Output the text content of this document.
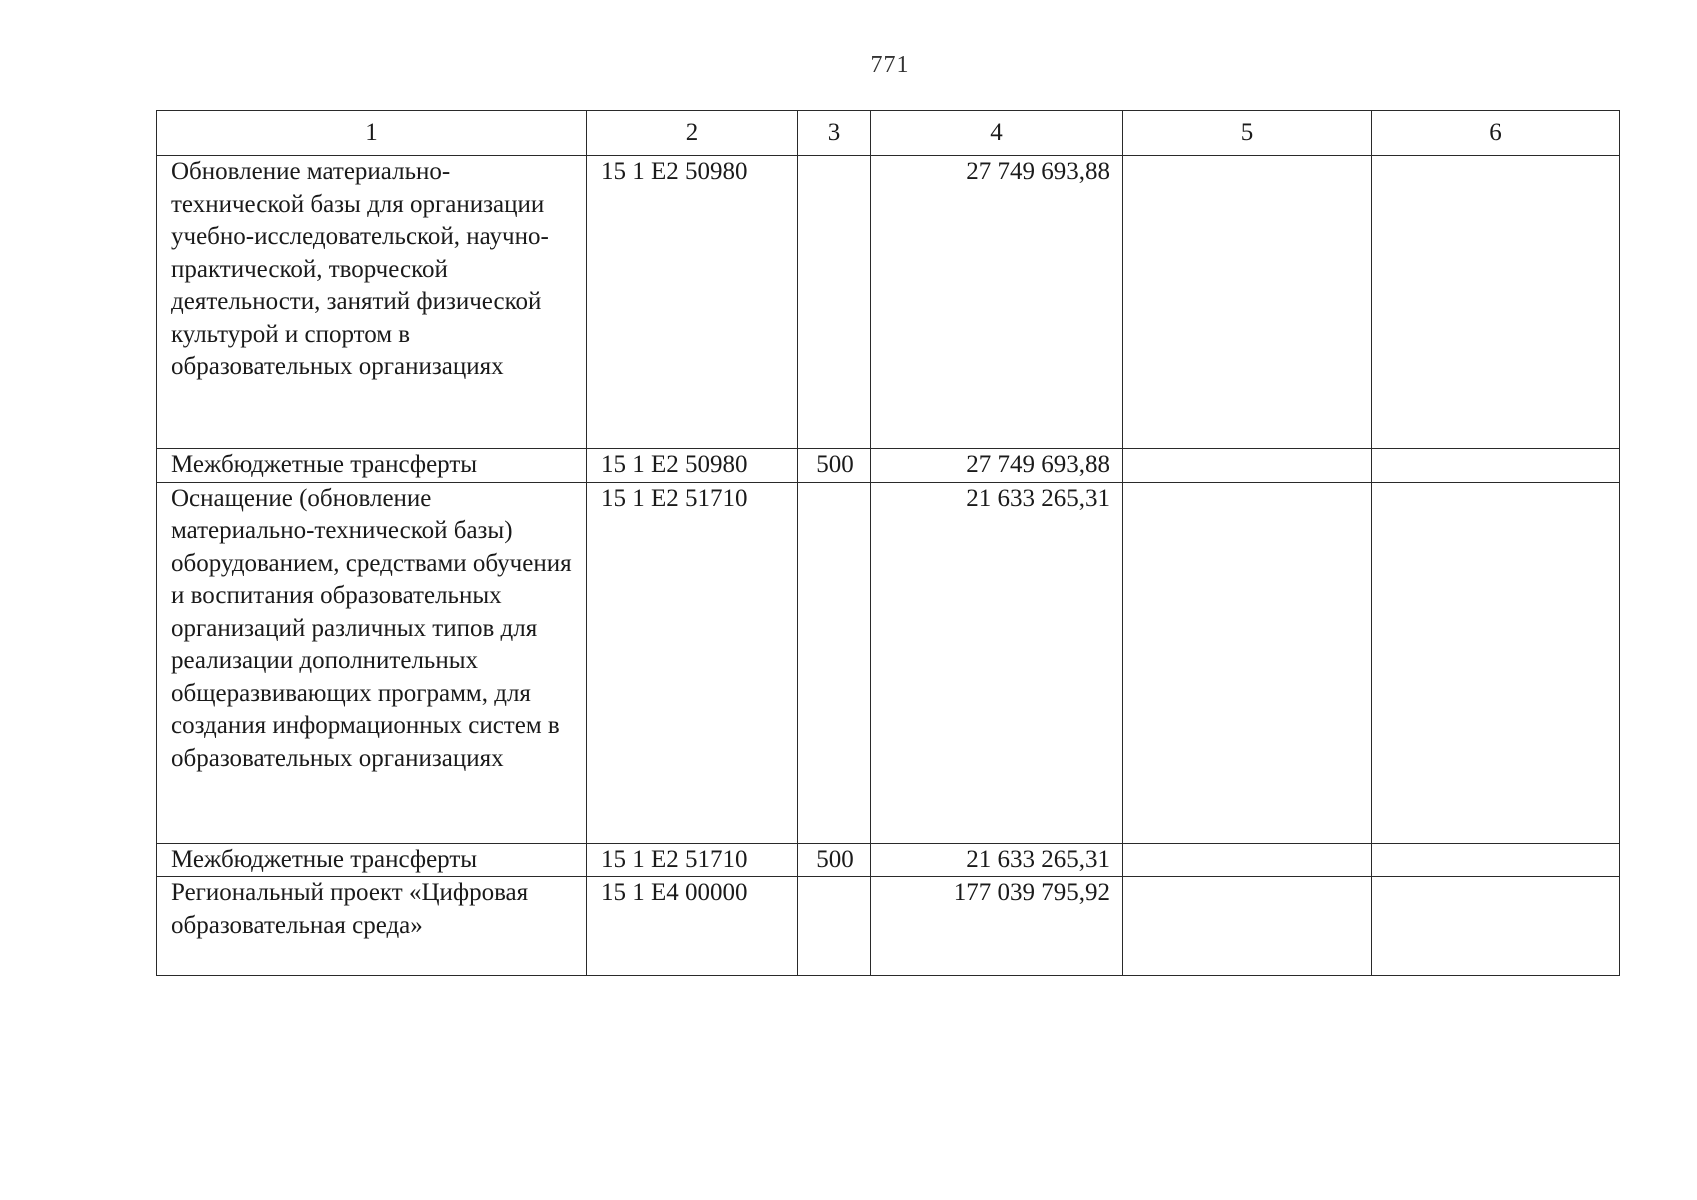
771
1	2	3	4	5	6
Обновление материально-технической базы для организации учебно-исследовательской, научно-практической, творческой деятельности, занятий физической культурой и спортом в образовательных организациях	15 1 E2 50980		27 749 693,88		
Межбюджетные трансферты	15 1 E2 50980	500	27 749 693,88		
Оснащение (обновление материально-технической базы) оборудованием, средствами обучения и воспитания образовательных организаций различных типов для реализации дополнительных общеразвивающих программ, для создания информационных систем в образовательных организациях	15 1 E2 51710		21 633 265,31		
Межбюджетные трансферты	15 1 E2 51710	500	21 633 265,31		
Региональный проект «Цифровая образовательная среда»	15 1 E4 00000		177 039 795,92		
